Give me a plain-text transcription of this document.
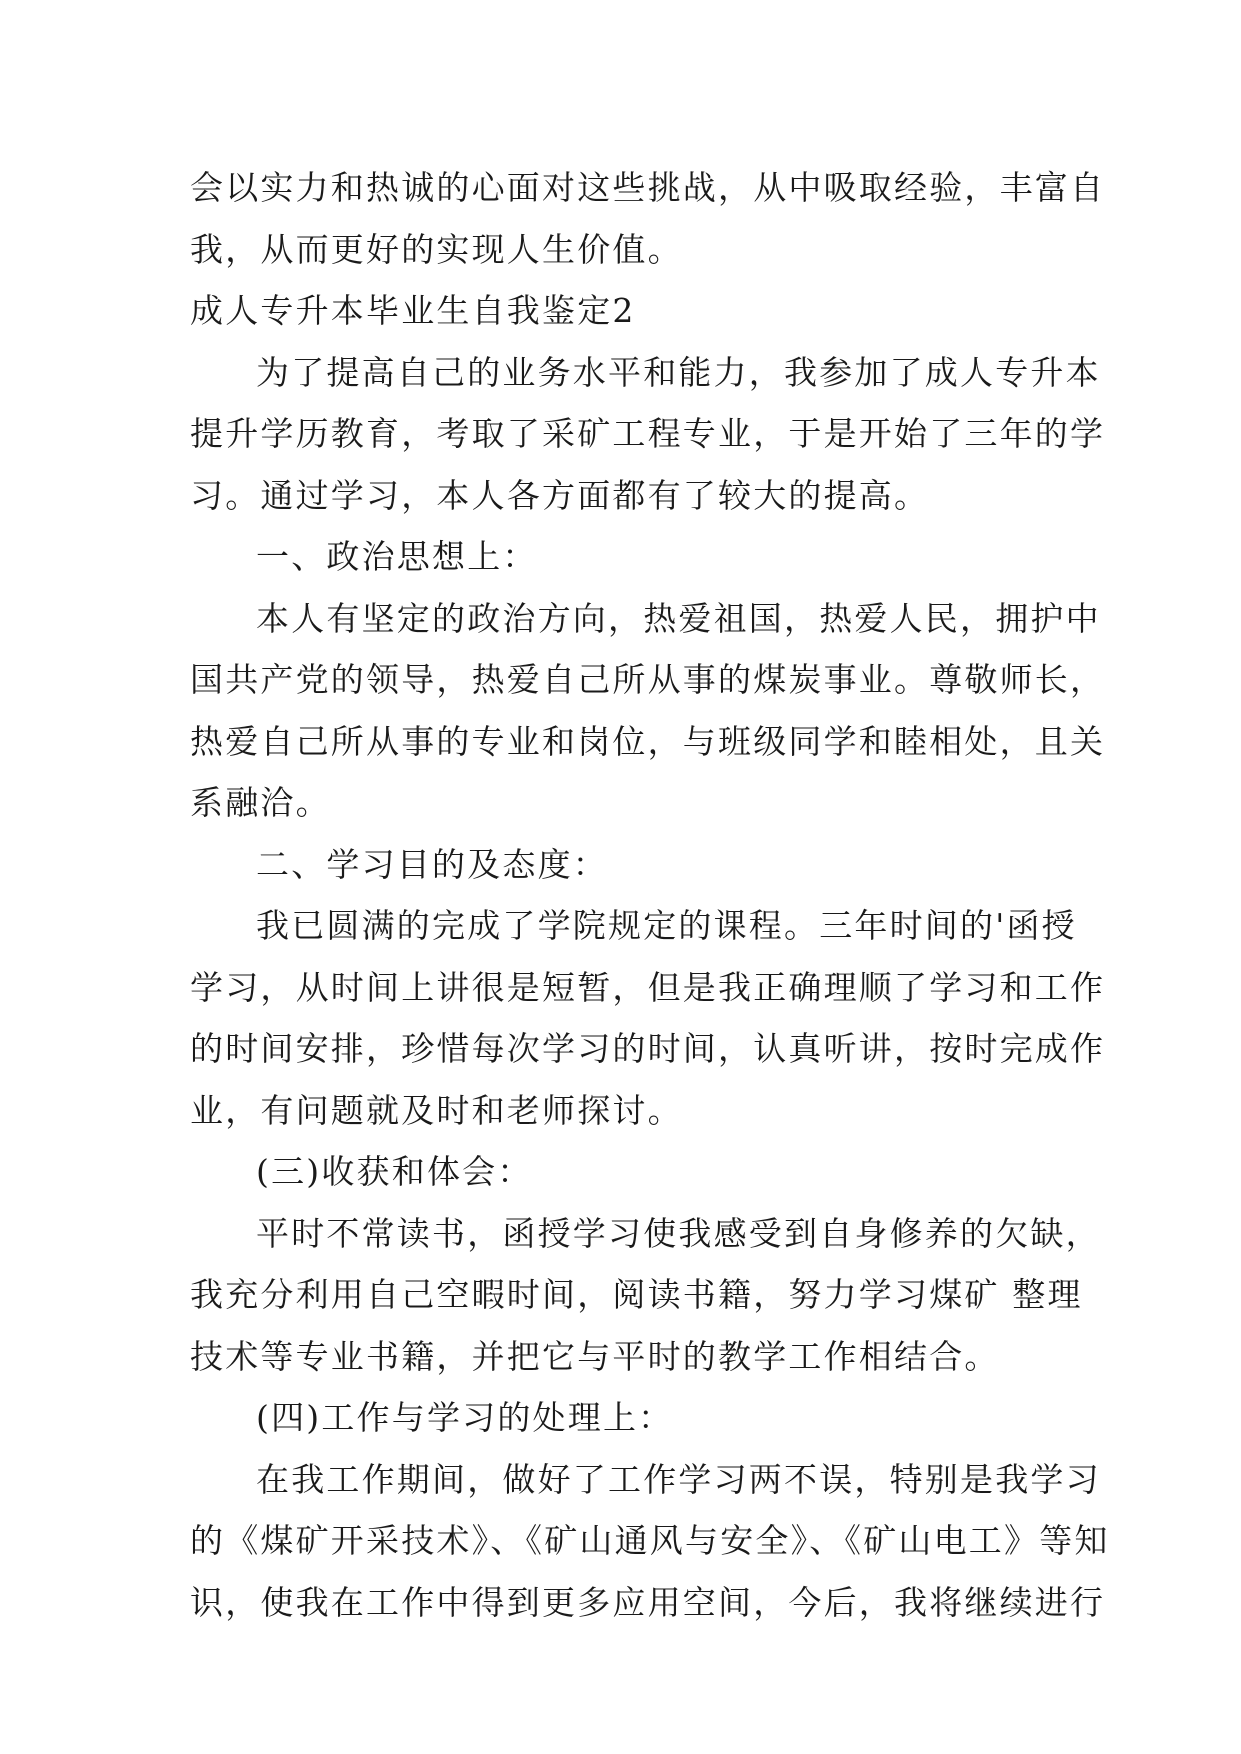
会以实力和热诚的心面对这些挑战，从中吸取经验，丰富自
我，从而更好的实现人生价值。
成人专升本毕业生自我鉴定2
为了提高自己的业务水平和能力，我参加了成人专升本
提升学历教育，考取了采矿工程专业，于是开始了三年的学
习。通过学习，本人各方面都有了较大的提高。
一、政治思想上：
本人有坚定的政治方向，热爱祖国，热爱人民，拥护中
国共产党的领导，热爱自己所从事的煤炭事业。尊敬师长，
热爱自己所从事的专业和岗位，与班级同学和睦相处，且关
系融洽。
二、学习目的及态度：
我已圆满的完成了学院规定的课程。三年时间的'函授
学习，从时间上讲很是短暂，但是我正确理顺了学习和工作
的时间安排，珍惜每次学习的时间，认真听讲，按时完成作
业，有问题就及时和老师探讨。
(三)收获和体会：
平时不常读书，函授学习使我感受到自身修养的欠缺，
我充分利用自己空暇时间，阅读书籍，努力学习煤矿 整理
技术等专业书籍，并把它与平时的教学工作相结合。
(四)工作与学习的处理上：
在我工作期间，做好了工作学习两不误，特别是我学习
的《煤矿开采技术》、《矿山通风与安全》、《矿山电工》等知
识，使我在工作中得到更多应用空间，今后，我将继续进行
